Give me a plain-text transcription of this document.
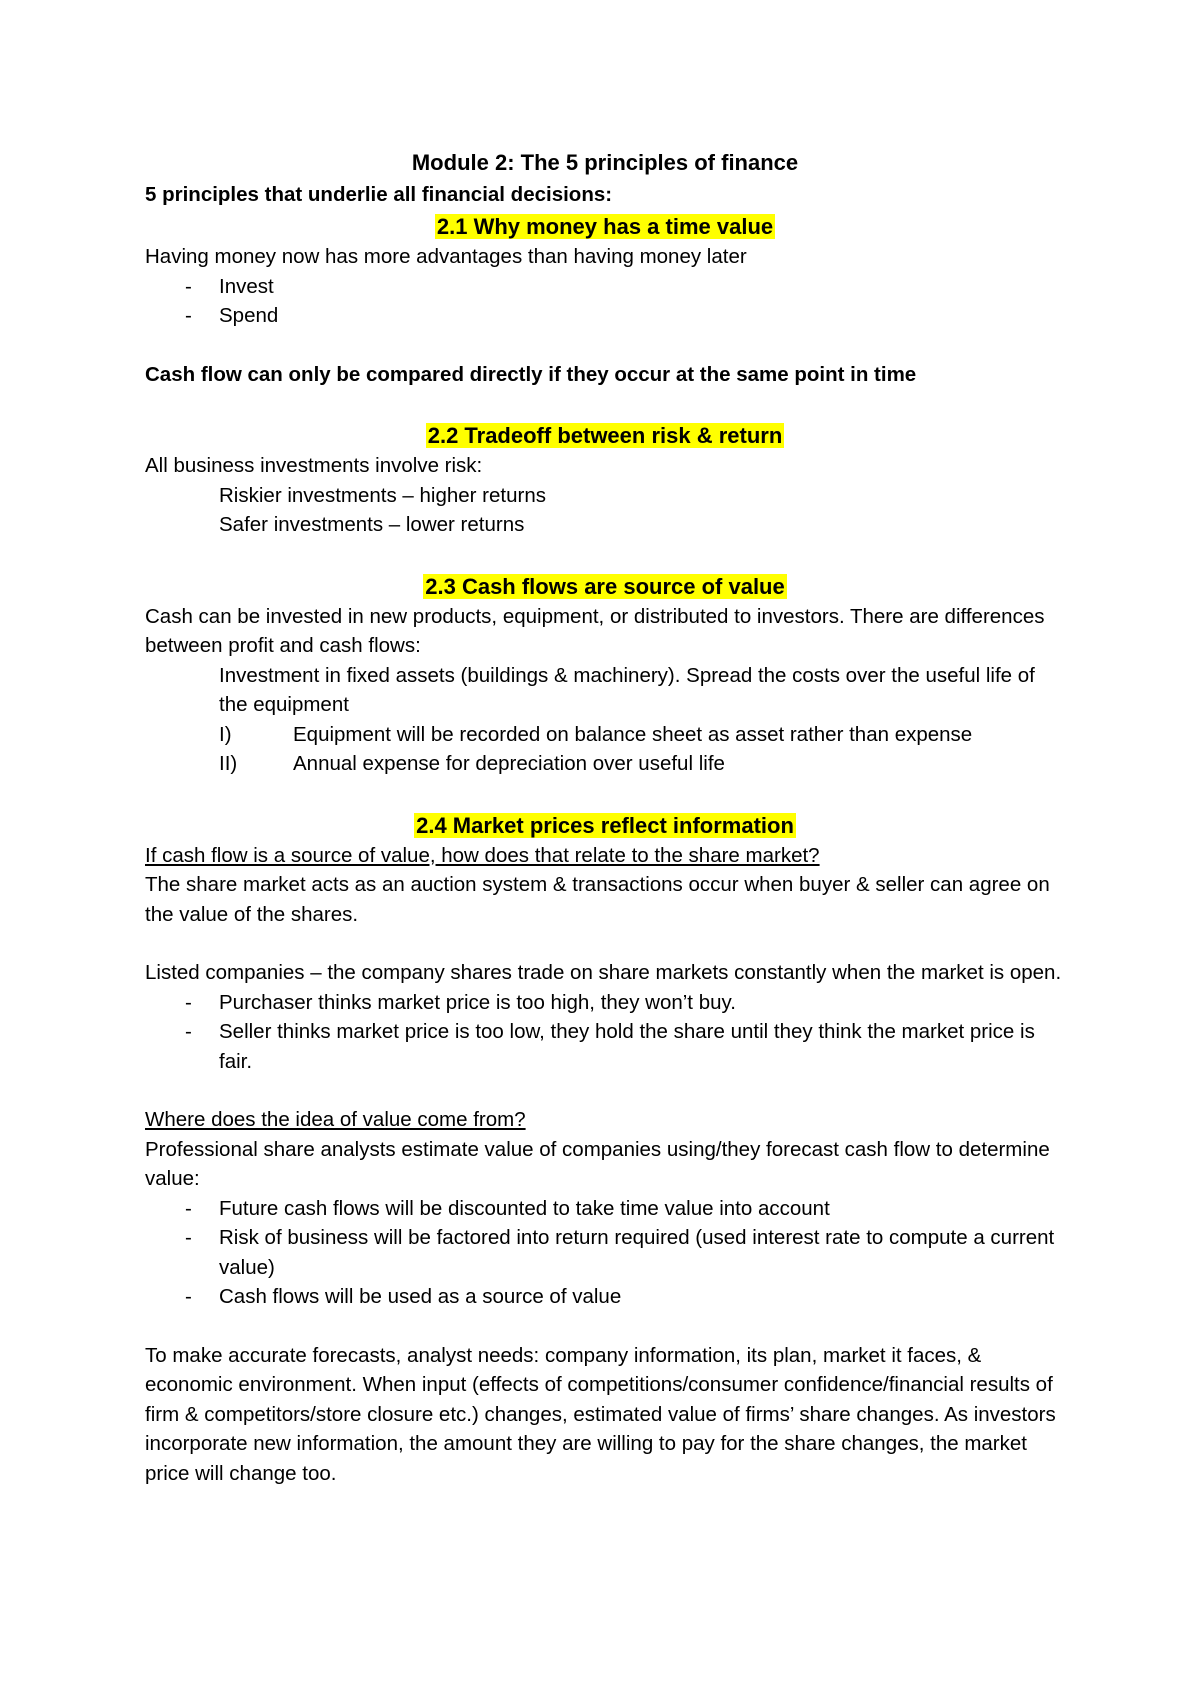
Module 2: The 5 principles of finance

5 principles that underlie all financial decisions:

2.1 Why money has a time value

Having money now has more advantages than having money later

- Invest
- Spend

Cash flow can only be compared directly if they occur at the same point in time

2.2 Tradeoff between risk & return

All business investments involve risk:

Riskier investments – higher returns

Safer investments – lower returns

2.3 Cash flows are source of value

Cash can be invested in new products, equipment, or distributed to investors. There are differences between profit and cash flows:

Investment in fixed assets (buildings & machinery). Spread the costs over the useful life of the equipment

I)	Equipment will be recorded on balance sheet as asset rather than expense
II)	Annual expense for depreciation over useful life
2.4 Market prices reflect information

If cash flow is a source of value, how does that relate to the share market?

The share market acts as an auction system & transactions occur when buyer & seller can agree on the value of the shares.

Listed companies – the company shares trade on share markets constantly when the market is open.

- Purchaser thinks market price is too high, they won’t buy.
- Seller thinks market price is too low, they hold the share until they think the market price is fair.

Where does the idea of value come from?

Professional share analysts estimate value of companies using/they forecast cash flow to determine value:

- Future cash flows will be discounted to take time value into account
- Risk of business will be factored into return required (used interest rate to compute a current value)
- Cash flows will be used as a source of value

To make accurate forecasts, analyst needs: company information, its plan, market it faces, & economic environment. When input (effects of competitions/consumer confidence/financial results of firm & competitors/store closure etc.) changes, estimated value of firms’ share changes. As investors incorporate new information, the amount they are willing to pay for the share changes, the market price will change too.
